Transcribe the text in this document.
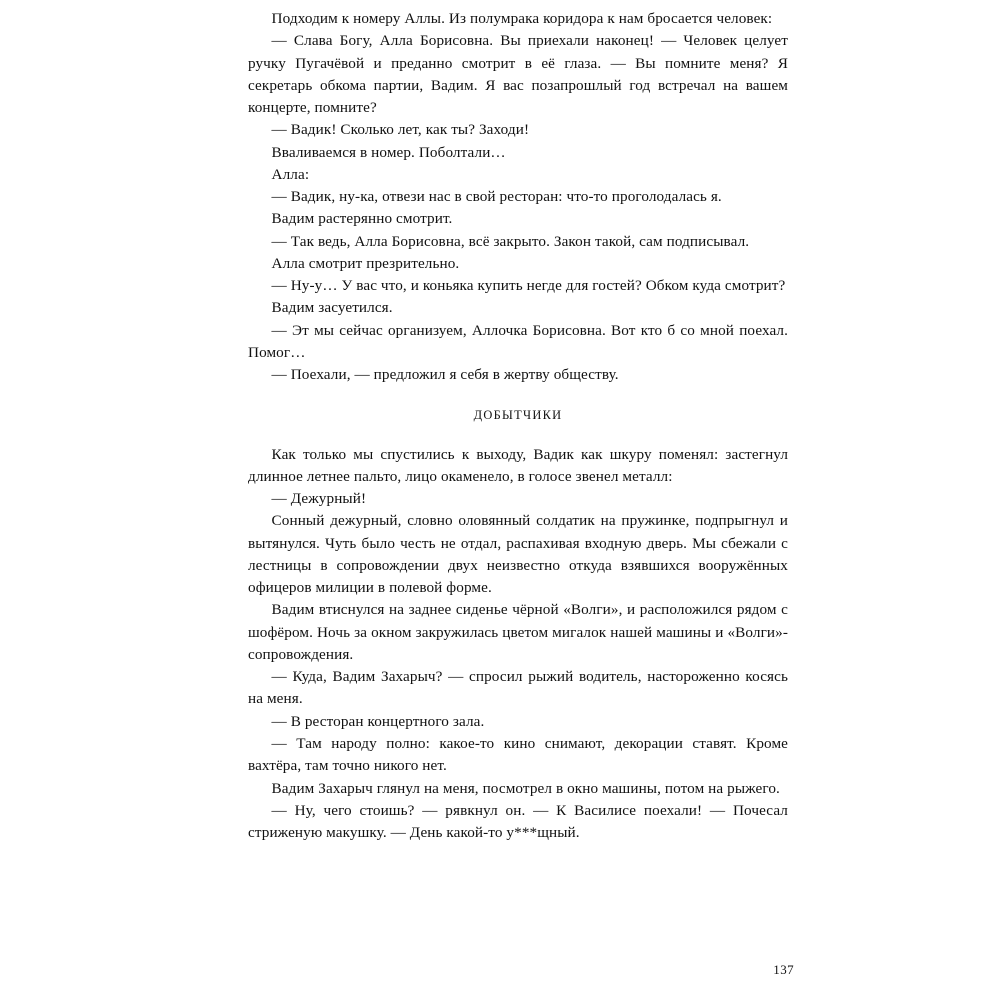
Подходим к номеру Аллы. Из полумрака коридора к нам бросается человек:

— Слава Богу, Алла Борисовна. Вы приехали наконец! — Человек целует ручку Пугачёвой и преданно смотрит в её глаза. — Вы помните меня? Я секретарь обкома партии, Вадим. Я вас позапрошлый год встречал на вашем концерте, помните?

— Вадик! Сколько лет, как ты? Заходи!

Вваливаемся в номер. Поболтали…

Алла:

— Вадик, ну-ка, отвези нас в свой ресторан: что-то проголодалась я.

Вадим растерянно смотрит.

— Так ведь, Алла Борисовна, всё закрыто. Закон такой, сам подписывал.

Алла смотрит презрительно.

— Ну-у… У вас что, и коньяка купить негде для гостей? Обком куда смотрит?

Вадим засуетился.

— Эт мы сейчас организуем, Аллочка Борисовна. Вот кто б со мной поехал. Помог…

— Поехали, — предложил я себя в жертву обществу.

ДОБЫТЧИКИ

Как только мы спустились к выходу, Вадик как шкуру поменял: застегнул длинное летнее пальто, лицо окаменело, в голосе звенел металл:

— Дежурный!

Сонный дежурный, словно оловянный солдатик на пружинке, подпрыгнул и вытянулся. Чуть было честь не отдал, распахивая входную дверь. Мы сбежали с лестницы в сопровождении двух неизвестно откуда взявшихся вооружённых офицеров милиции в полевой форме.

Вадим втиснулся на заднее сиденье чёрной «Волги», и расположился рядом с шофёром. Ночь за окном закружилась цветом мигалок нашей машины и «Волги»-сопровождения.

— Куда, Вадим Захарыч? — спросил рыжий водитель, настороженно косясь на меня.

— В ресторан концертного зала.

— Там народу полно: какое-то кино снимают, декорации ставят. Кроме вахтёра, там точно никого нет.

Вадим Захарыч глянул на меня, посмотрел в окно машины, потом на рыжего.

— Ну, чего стоишь? — рявкнул он. — К Василисе поехали! — Почесал стриженую макушку. — День какой-то у***щный.

137
